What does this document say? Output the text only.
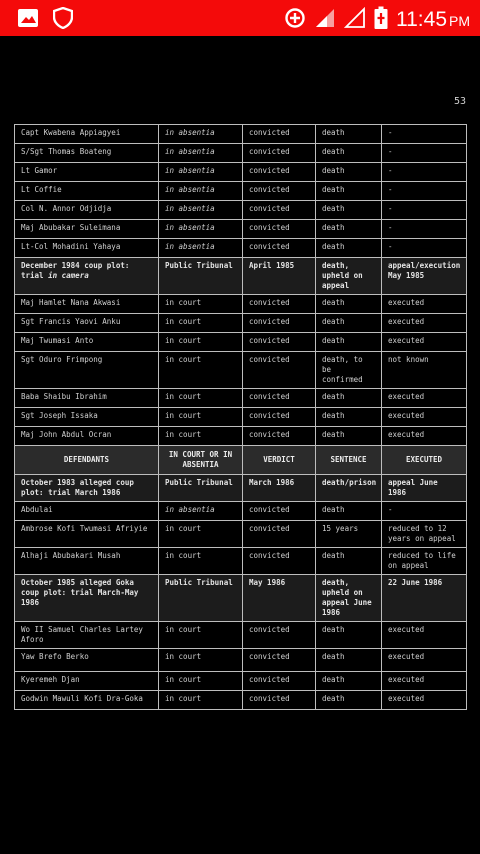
11:45 PM
53
Capt Kwabena Appiagyei	in absentia	convicted	death	-
S/Sgt Thomas Boateng	in absentia	convicted	death	-
Lt Gamor	in absentia	convicted	death	-
Lt Coffie	in absentia	convicted	death	-
Col N. Annor Odjidja	in absentia	convicted	death	-
Maj Abubakar Suleimana	in absentia	convicted	death	-
Lt-Col Mohadini Yahaya	in absentia	convicted	death	-
December 1984 coup plot: trial in camera	Public Tribunal	April 1985	death, upheld on appeal	appeal/execution May 1985
Maj Hamlet Nana Akwasi	in court	convicted	death	executed
Sgt Francis Yaovi Anku	in court	convicted	death	executed
Maj Twumasi Anto	in court	convicted	death	executed
Sgt Oduro Frimpong	in court	convicted	death, to be confirmed	not known
Baba Shaibu Ibrahim	in court	convicted	death	executed
Sgt Joseph Issaka	in court	convicted	death	executed
Maj John Abdul Ocran	in court	convicted	death	executed
DEFENDANTS	IN COURT OR IN ABSENTIA	VERDICT	SENTENCE	EXECUTED
October 1983 alleged coup plot: trial March 1986	Public Tribunal	March 1986	death/prison	appeal June 1986
Abdulai	in absentia	convicted	death	-
Ambrose Kofi Twumasi Afriyie	in court	convicted	15 years	reduced to 12 years on appeal
Alhaji Abubakari Musah	in court	convicted	death	reduced to life on appeal
October 1985 alleged Goka coup plot: trial March-May 1986	Public Tribunal	May 1986	death, upheld on appeal June 1986	22 June 1986
Wo II Samuel Charles Lartey Aforo	in court	convicted	death	executed
Yaw Brefo Berko	in court	convicted	death	executed
Kyeremeh Djan	in court	convicted	death	executed
Godwin Mawuli Kofi Dra-Goka	in court	convicted	death	executed
